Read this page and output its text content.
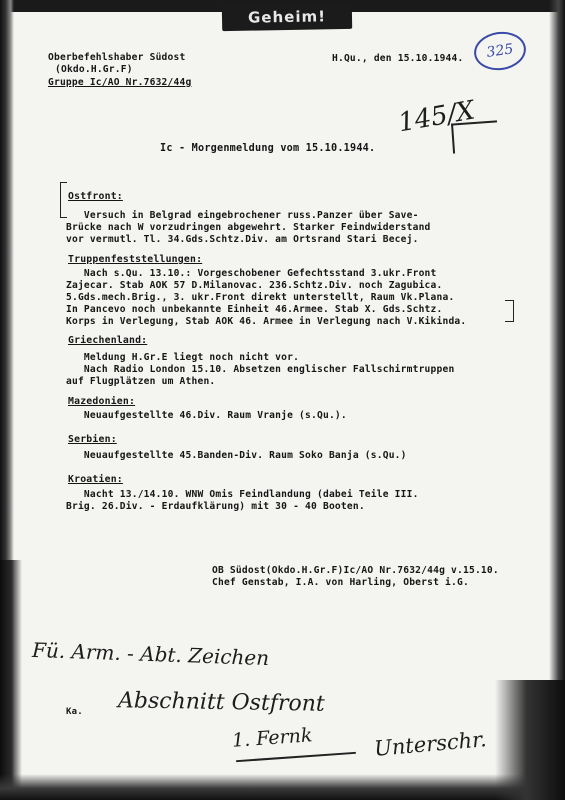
Geheim!
325
Oberbefehlshaber Südost
(Okdo.H.Gr.F)
Gruppe Ic/AO Nr.7632/44g
H.Qu., den 15.10.1944.
145/X
Ic - Morgenmeldung vom 15.10.1944.
Ostfront:
Versuch in Belgrad eingebrochener russ.Panzer über Save-
Brücke nach W vorzudringen abgewehrt. Starker Feindwiderstand
vor vermutl. Tl. 34.Gds.Schtz.Div. am Ortsrand Stari Becej.
Truppenfeststellungen:
Nach s.Qu. 13.10.: Vorgeschobener Gefechtsstand 3.ukr.Front
Zajecar. Stab AOK 57 D.Milanovac. 236.Schtz.Div. noch Zagubica.
5.Gds.mech.Brig., 3. ukr.Front direkt unterstellt, Raum Vk.Plana.
In Pancevo noch unbekannte Einheit 46.Armee. Stab X. Gds.Schtz.
Korps in Verlegung, Stab AOK 46. Armee in Verlegung nach V.Kikinda.
Griechenland:
Meldung H.Gr.E liegt noch nicht vor.
Nach Radio London 15.10. Absetzen englischer Fallschirmtruppen
auf Flugplätzen um Athen.
Mazedonien:
Neuaufgestellte 46.Div. Raum Vranje (s.Qu.).
Serbien:
Neuaufgestellte 45.Banden-Div. Raum Soko Banja (s.Qu.)
Kroatien:
Nacht 13./14.10. WNW Omis Feindlandung (dabei Teile III.
Brig. 26.Div. - Erdaufklärung) mit 30 - 40 Booten.
OB Südost(Okdo.H.Gr.F)Ic/AO Nr.7632/44g v.15.10.
Chef Genstab, I.A. von Harling, Oberst i.G.
Fü. Arm. - Abt. Zeichen
Ka. Abschnitt Ostfront
1. Fernk	Unterschr.
